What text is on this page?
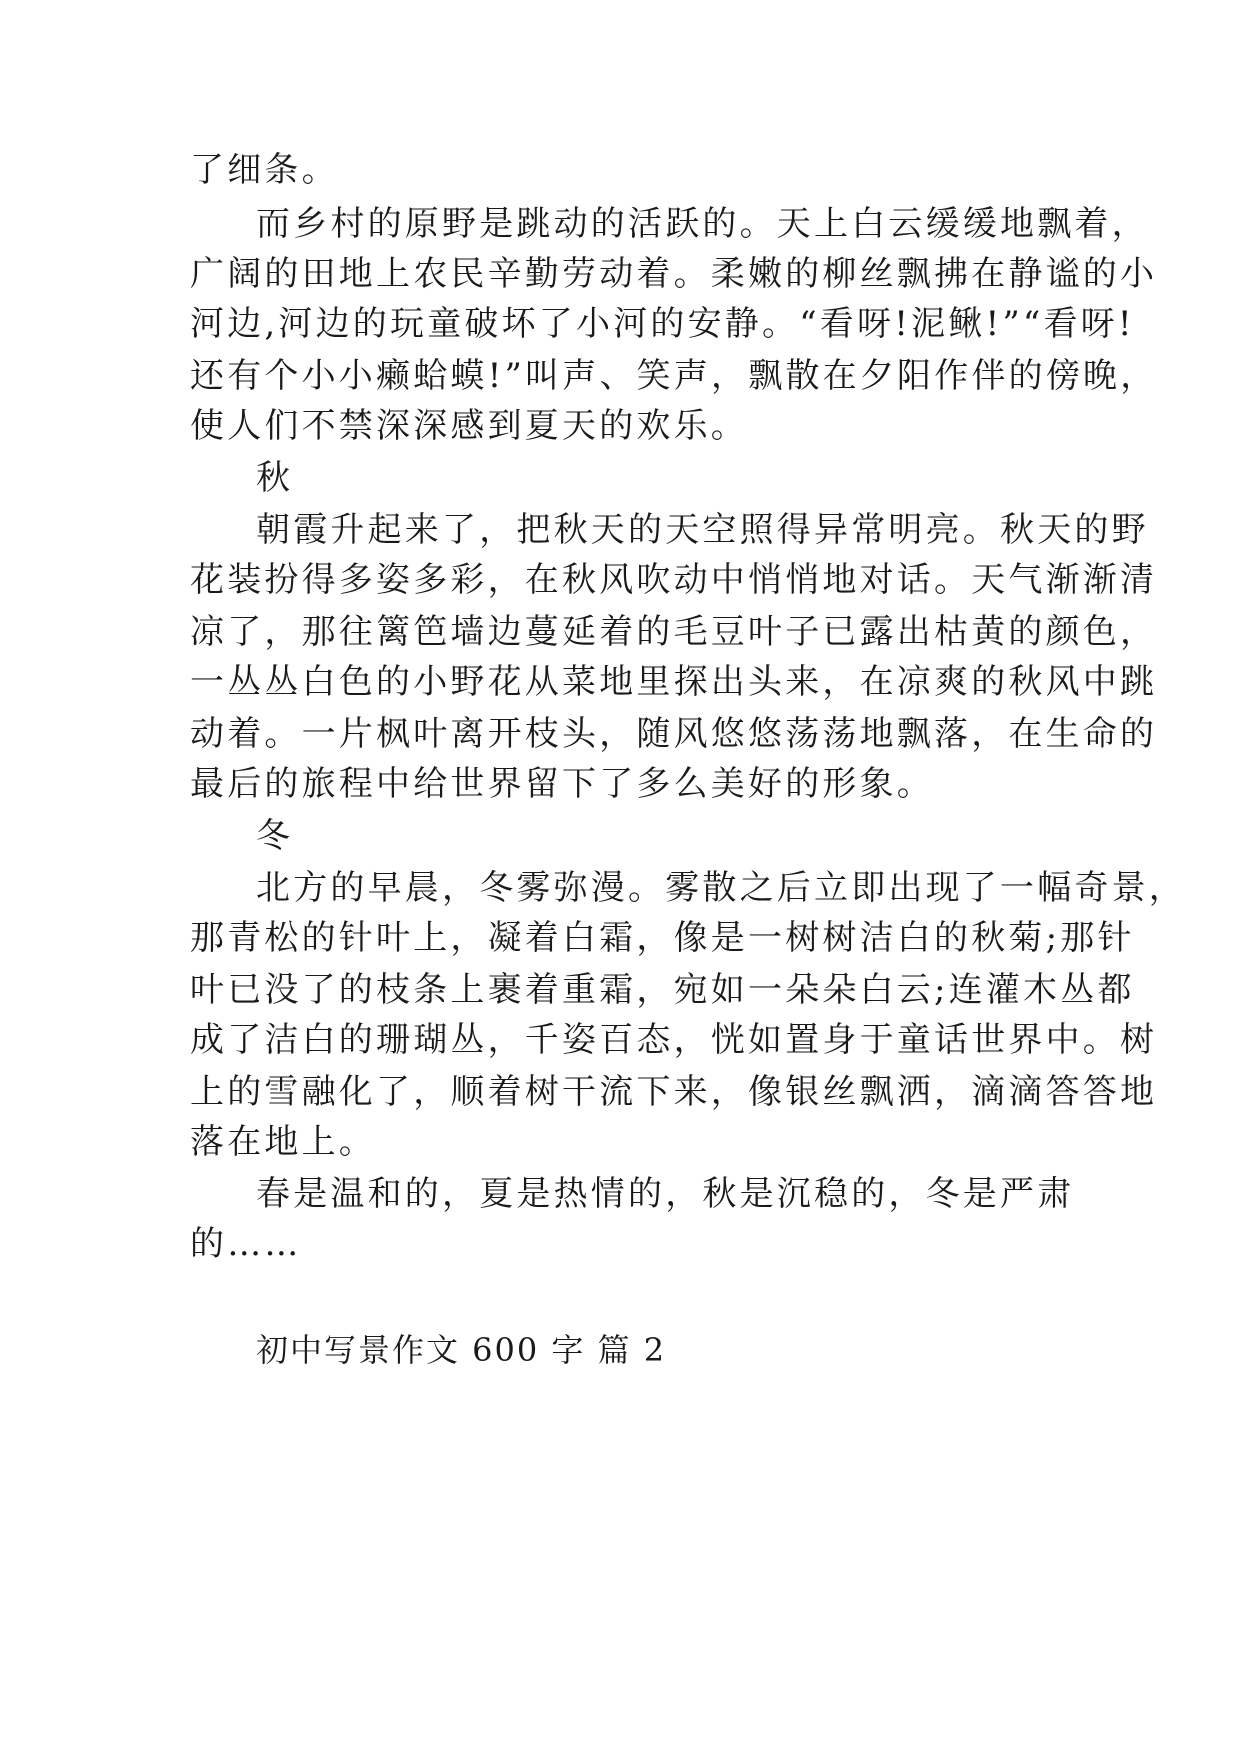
了细条。
而乡村的原野是跳动的活跃的。天上白云缓缓地飘着，
广阔的田地上农民辛勤劳动着。柔嫩的柳丝飘拂在静谧的小
河边,河边的玩童破坏了小河的安静。“看呀!泥鳅!”“看呀!
还有个小小癞蛤蟆!”叫声、笑声，飘散在夕阳作伴的傍晚，
使人们不禁深深感到夏天的欢乐。
秋
朝霞升起来了，把秋天的天空照得异常明亮。秋天的野
花装扮得多姿多彩，在秋风吹动中悄悄地对话。天气渐渐清
凉了，那往篱笆墙边蔓延着的毛豆叶子已露出枯黄的颜色，
一丛丛白色的小野花从菜地里探出头来，在凉爽的秋风中跳
动着。一片枫叶离开枝头，随风悠悠荡荡地飘落，在生命的
最后的旅程中给世界留下了多么美好的形象。
冬
北方的早晨，冬雾弥漫。雾散之后立即出现了一幅奇景，
那青松的针叶上，凝着白霜，像是一树树洁白的秋菊;那针
叶已没了的枝条上裹着重霜，宛如一朵朵白云;连灌木丛都
成了洁白的珊瑚丛，千姿百态，恍如置身于童话世界中。树
上的雪融化了，顺着树干流下来，像银丝飘洒，滴滴答答地
落在地上。
春是温和的，夏是热情的，秋是沉稳的，冬是严肃
的……
初中写景作文 600 字 篇 2
